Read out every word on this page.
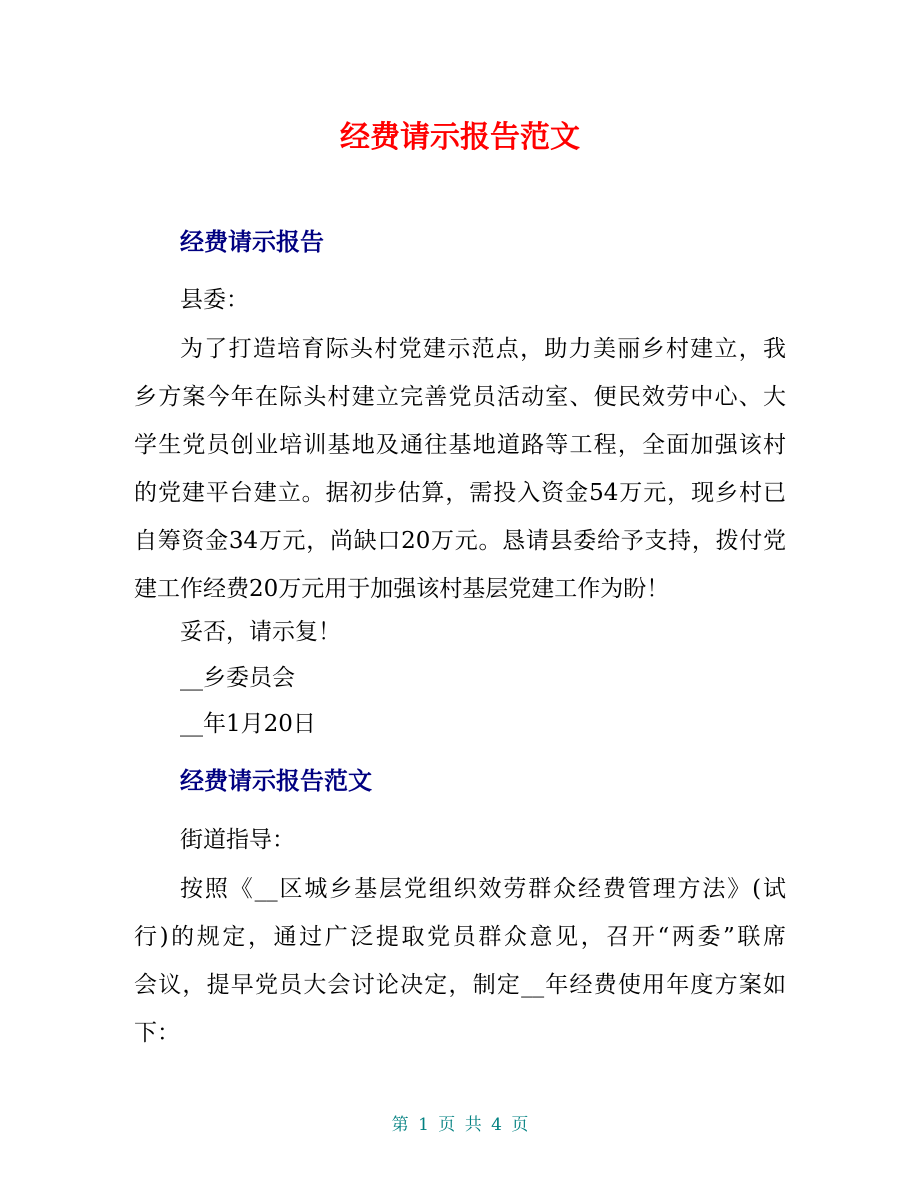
经费请示报告范文
经费请示报告
县委：
为了打造培育际头村党建示范点，助力美丽乡村建立，我
乡方案今年在际头村建立完善党员活动室、便民效劳中心、大
学生党员创业培训基地及通往基地道路等工程，全面加强该村
的党建平台建立。据初步估算，需投入资金54万元，现乡村已
自筹资金34万元，尚缺口20万元。恳请县委给予支持，拨付党
建工作经费20万元用于加强该村基层党建工作为盼！
妥否，请示复！
__乡委员会
__年1月20日
经费请示报告范文
街道指导：
按照《__区城乡基层党组织效劳群众经费管理方法》(试
行)的规定，通过广泛提取党员群众意见，召开“两委”联席
会议，提早党员大会讨论决定，制定__年经费使用年度方案如
下：
第 1 页 共 4 页
